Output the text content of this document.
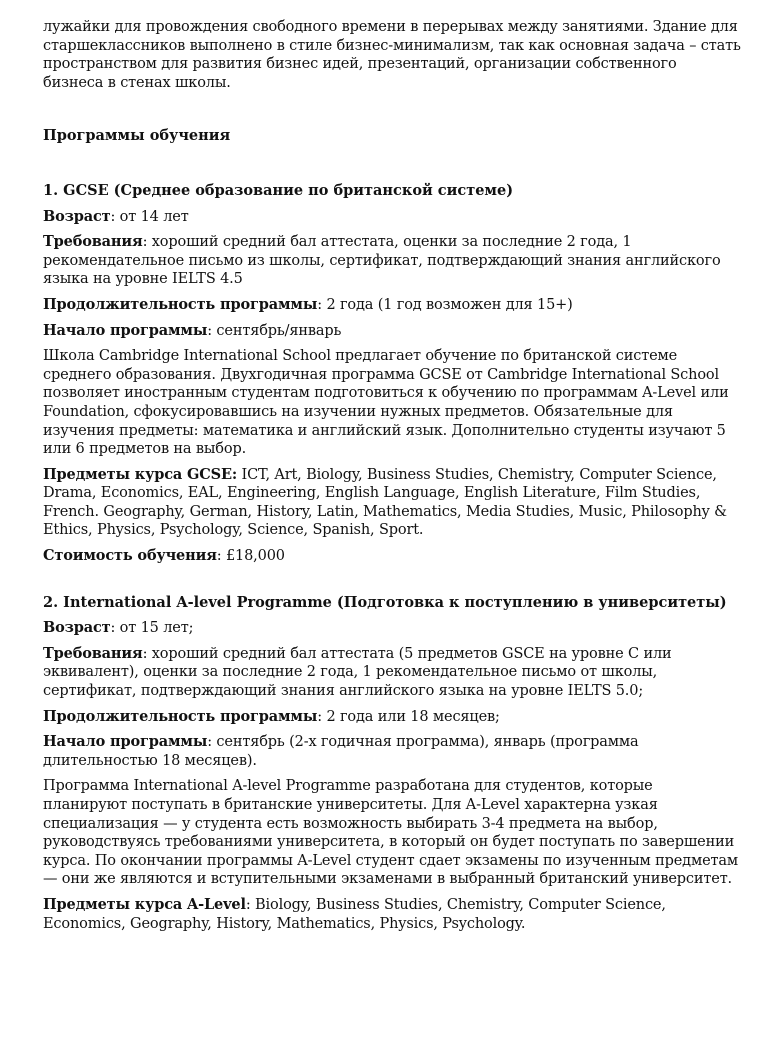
лужайки для провождения свободного времени в перерывах между занятиями. Здание для старшеклассников выполнено в стиле бизнес-минимализм, так как основная задача – стать пространством для развития бизнес идей, презентаций, организации собственного бизнеса в стенах школы.

Программы обучения

1. GCSE (Среднее образование по британской системе)

Возраст: от 14 лет

Требования: хороший средний бал аттестата, оценки за последние 2 года, 1 рекомендательное письмо из школы, сертификат, подтверждающий знания английского языка на уровне IELTS 4.5

Продолжительность программы: 2 года (1 год возможен для 15+)

Начало программы: сентябрь/январь

Школа Cambridge International School предлагает обучение по британской системе среднего образования. Двухгодичная программа GCSE от Cambridge International School позволяет иностранным студентам подготовиться к обучению по программам A-Level или Foundation, сфокусировавшись на изучении нужных предметов. Обязательные для изучения предметы: математика и английский язык. Дополнительно студенты изучают 5 или 6 предметов на выбор.

Предметы курса GCSE: ICT, Art, Biology, Business Studies, Chemistry, Computer Science, Drama, Economics, EAL, Engineering, English Language, English Literature, Film Studies, French. Geography, German, History, Latin, Mathematics, Media Studies, Music, Philosophy & Ethics, Physics, Psychology, Science, Spanish, Sport.

Стоимость обучения: £18,000

2. International A-level Programme (Подготовка к поступлению в университеты)

Возраст: от 15 лет;

Требования: хороший средний бал аттестата (5 предметов GSCE на уровне C или эквивалент), оценки за последние 2 года, 1 рекомендательное письмо от школы, сертификат, подтверждающий знания английского языка на уровне IELTS 5.0;

Продолжительность программы: 2 года или 18 месяцев;

Начало программы: сентябрь (2-х годичная программа), январь (программа длительностью 18 месяцев).

Программа International A-level Programme разработана для студентов, которые планируют поступать в британские университеты. Для A-Level характерна узкая специализация — у студента есть возможность выбирать 3-4 предмета на выбор, руководствуясь требованиями университета, в который он будет поступать по завершении курса. По окончании программы A-Level студент сдает экзамены по изученным предметам — они же являются и вступительными экзаменами в выбранный британский университет.

Предметы курса A-Level: Biology, Business Studies, Chemistry, Computer Science, Economics, Geography, History, Mathematics, Physics, Psychology.
